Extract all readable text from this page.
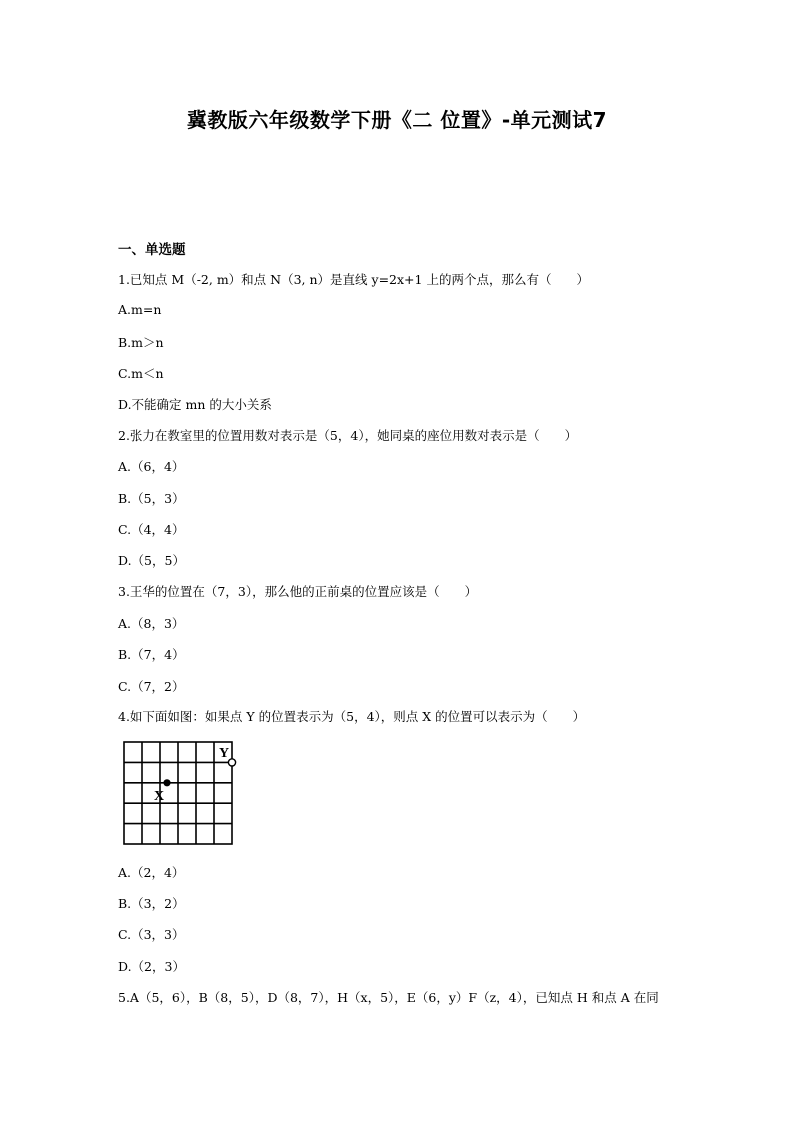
冀教版六年级数学下册《二 位置》-单元测试7
一、单选题
1.已知点 M（-2, m）和点 N（3, n）是直线 y=2x+1 上的两个点，那么有（　　）
A.m=n
B.m＞n
C.m＜n
D.不能确定 mn 的大小关系
2.张力在教室里的位置用数对表示是（5，4），她同桌的座位用数对表示是（　　）
A.（6，4）
B.（5，3）
C.（4，4）
D.（5，5）
3.王华的位置在（7，3），那么他的正前桌的位置应该是（　　）
A.（8，3）
B.（7，4）
C.（7，2）
4.如下面如图：如果点 Y 的位置表示为（5，4），则点 X 的位置可以表示为（　　）
X
Y
A.（2，4）
B.（3，2）
C.（3，3）
D.（2，3）
5.A（5，6），B（8，5），D（8，7），H（x，5），E（6，y）F（z，4），已知点 H 和点 A 在同
